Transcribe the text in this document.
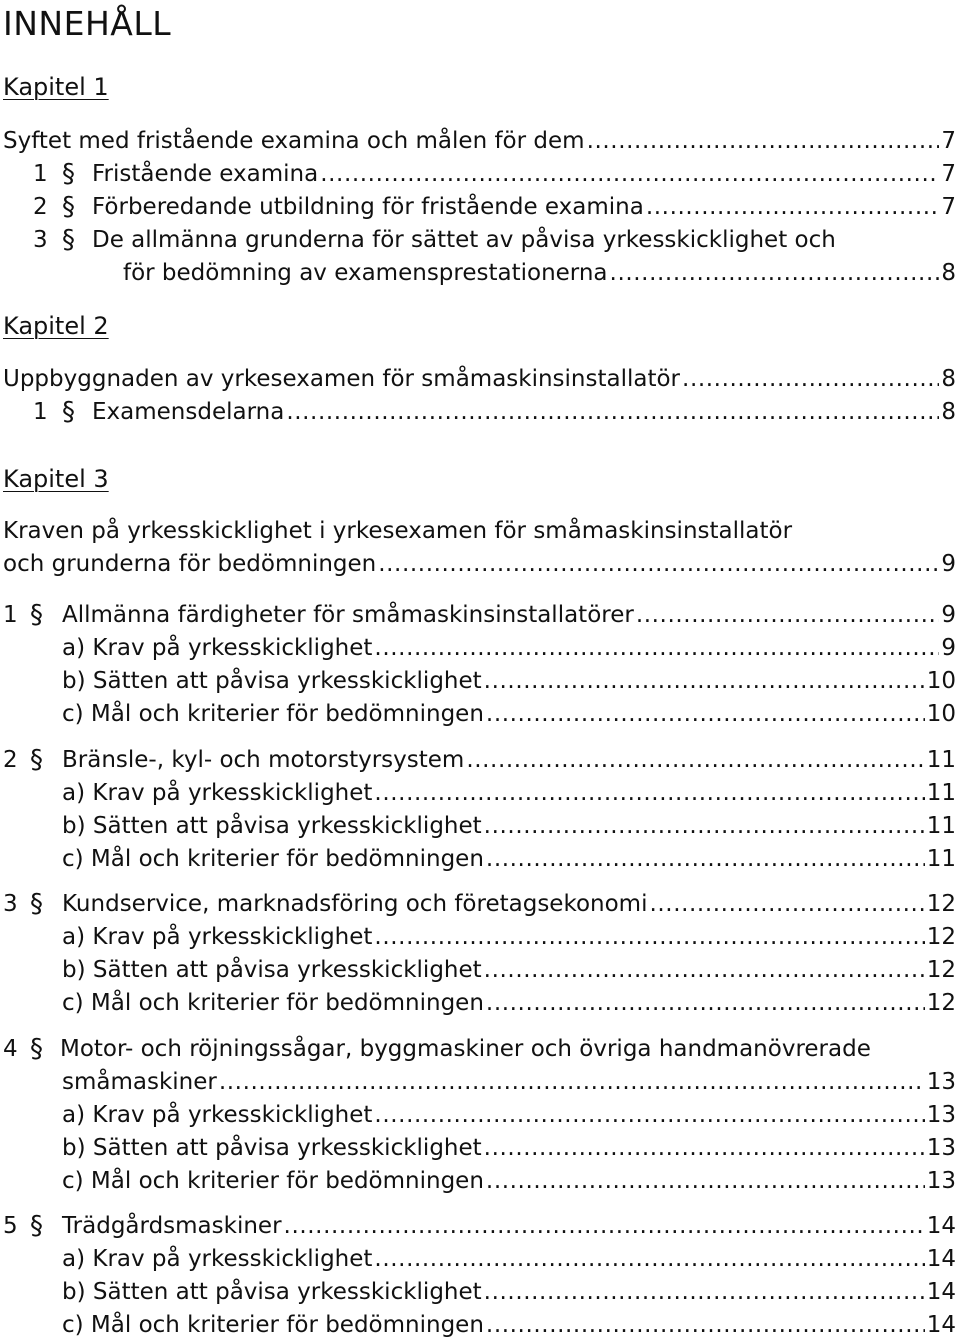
INNEHÅLL
Kapitel 1
Syftet med fristående examina och målen för dem .....	7
1 § Fristående examina .....	7
2 § Förberedande utbildning för fristående examina .....	7
3 § De allmänna grunderna för sättet av påvisa yrkesskicklighet och
för bedömning av examensprestationerna .....	8
Kapitel 2
Uppbyggnaden av yrkesexamen för småmaskinsinstallatör .....	8
1 § Examensdelarna .....	8
Kapitel 3
Kraven på yrkesskicklighet i yrkesexamen för småmaskinsinstallatör
och grunderna för bedömningen .....	9
1 § Allmänna färdigheter för småmaskinsinstallatörer .....	9
a) Krav på yrkesskicklighet .....	9
b) Sätten att påvisa yrkesskicklighet .....	10
c) Mål och kriterier för bedömningen .....	10
2 § Bränsle-, kyl- och motorstyrsystem .....	11
a) Krav på yrkesskicklighet .....	11
b) Sätten att påvisa yrkesskicklighet .....	11
c) Mål och kriterier för bedömningen .....	11
3 § Kundservice, marknadsföring och företagsekonomi .....	12
a) Krav på yrkesskicklighet .....	12
b) Sätten att påvisa yrkesskicklighet .....	12
c) Mål och kriterier för bedömningen .....	12
4 § Motor- och röjningssågar, byggmaskiner och övriga handmanövrerade
småmaskiner .....	13
a) Krav på yrkesskicklighet .....	13
b) Sätten att påvisa yrkesskicklighet .....	13
c) Mål och kriterier för bedömningen .....	13
5 § Trädgårdsmaskiner .....	14
a) Krav på yrkesskicklighet .....	14
b) Sätten att påvisa yrkesskicklighet .....	14
c) Mål och kriterier för bedömningen .....	14
